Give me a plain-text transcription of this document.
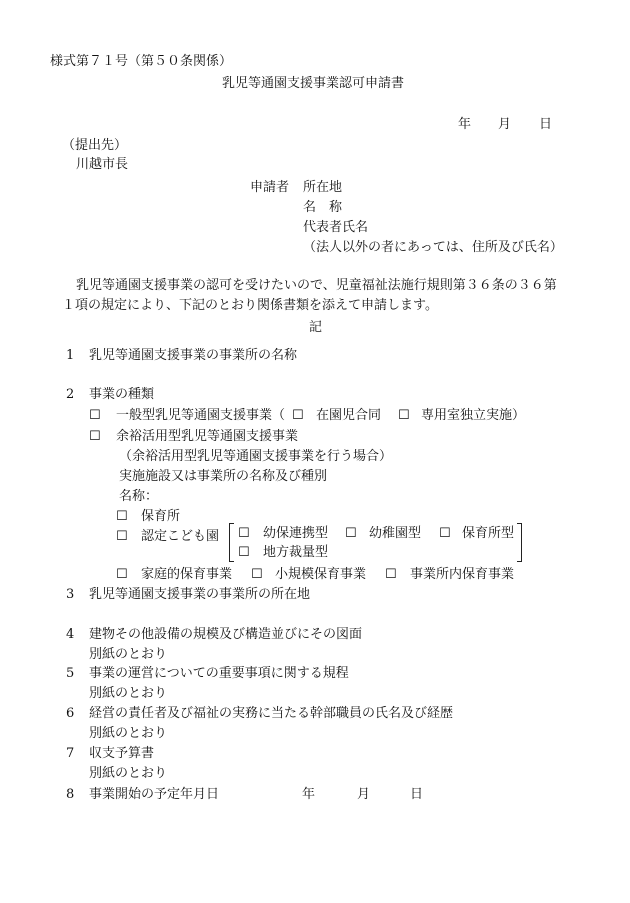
様式第７１号（第５０条関係）
乳児等通園支援事業認可申請書
年 月 日
（提出先）
川越市長
申請者 所在地
名　称
代表者氏名
（法人以外の者にあっては、住所及び氏名）
乳児等通園支援事業の認可を受けたいので、児童福祉法施行規則第３６条の３６第
１項の規定により、下記のとおり関係書類を添えて申請します。
記
1 乳児等通園支援事業の事業所の名称
2 事業の種類
☐ 一般型乳児等通園支援事業（ ☐ 在園児合同 ☐ 専用室独立実施）
☐ 余裕活用型乳児等通園支援事業
（余裕活用型乳児等通園支援事業を行う場合）
実施施設又は事業所の名称及び種別
名称：
☐ 保育所
☐ 認定こども園 ☐ 幼保連携型 ☐ 幼稚園型 ☐ 保育所型
☐ 地方裁量型
☐ 家庭的保育事業 ☐ 小規模保育事業 ☐ 事業所内保育事業
3 乳児等通園支援事業の事業所の所在地
4 建物その他設備の規模及び構造並びにその図面
別紙のとおり
5 事業の運営についての重要事項に関する規程
別紙のとおり
6 経営の責任者及び福祉の実務に当たる幹部職員の氏名及び経歴
別紙のとおり
7 収支予算書
別紙のとおり
8 事業開始の予定年月日	年	月	日
